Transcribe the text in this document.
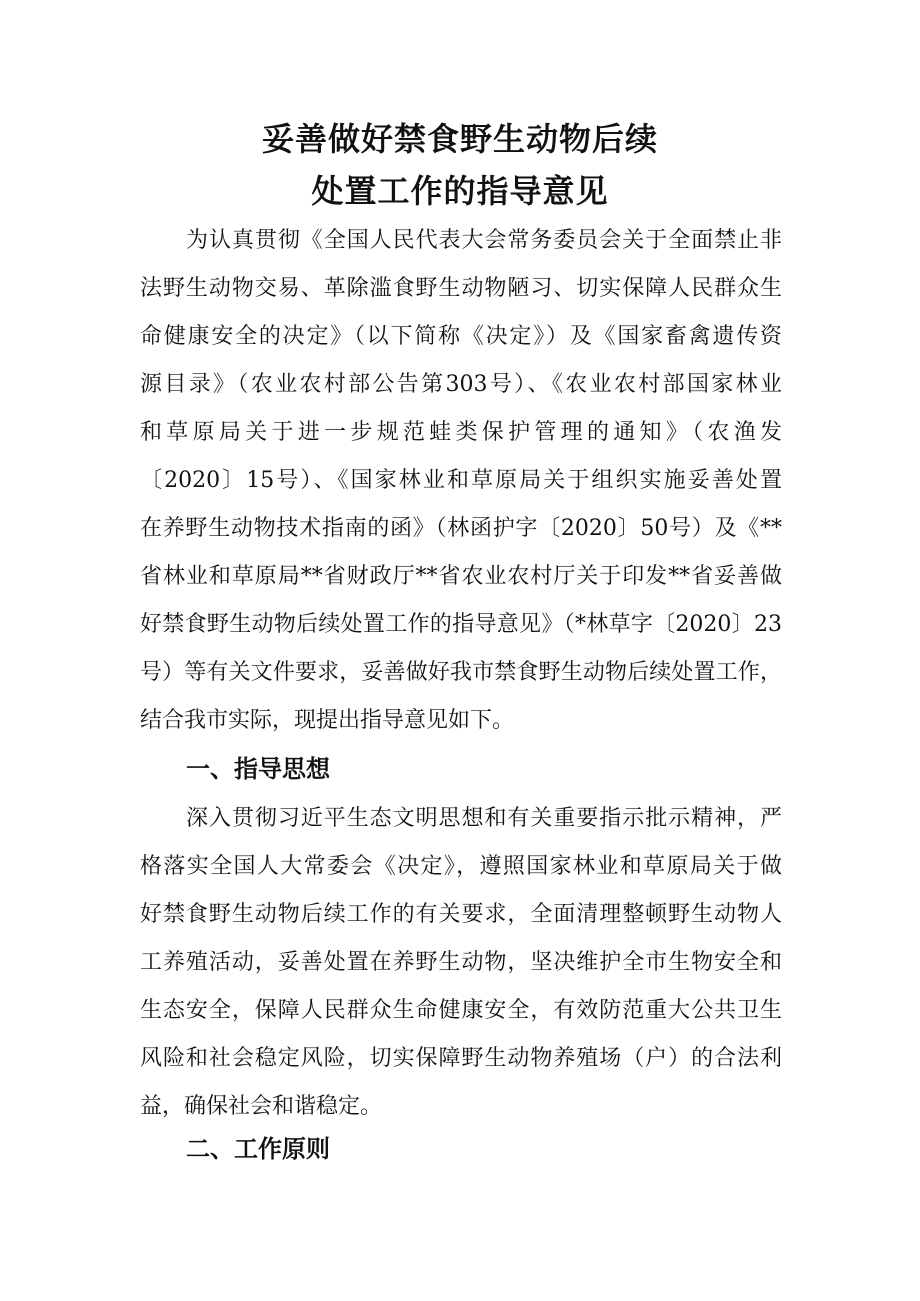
妥善做好禁食野生动物后续
处置工作的指导意见
为认真贯彻《全国人民代表大会常务委员会关于全面禁止非
法野生动物交易、革除滥食野生动物陋习、切实保障人民群众生
命健康安全的决定》（以下简称《决定》）及《国家畜禽遗传资
源目录》（农业农村部公告第303号）、《农业农村部国家林业
和草原局关于进一步规范蛙类保护管理的通知》（农渔发
〔2020〕15号）、《国家林业和草原局关于组织实施妥善处置
在养野生动物技术指南的函》（林函护字〔2020〕50号）及《**
省林业和草原局**省财政厅**省农业农村厅关于印发**省妥善做
好禁食野生动物后续处置工作的指导意见》（*林草字〔2020〕23
号）等有关文件要求，妥善做好我市禁食野生动物后续处置工作，
结合我市实际，现提出指导意见如下。
一、指导思想
深入贯彻习近平生态文明思想和有关重要指示批示精神，严
格落实全国人大常委会《决定》，遵照国家林业和草原局关于做
好禁食野生动物后续工作的有关要求，全面清理整顿野生动物人
工养殖活动，妥善处置在养野生动物，坚决维护全市生物安全和
生态安全，保障人民群众生命健康安全，有效防范重大公共卫生
风险和社会稳定风险，切实保障野生动物养殖场（户）的合法利
益，确保社会和谐稳定。
二、工作原则
